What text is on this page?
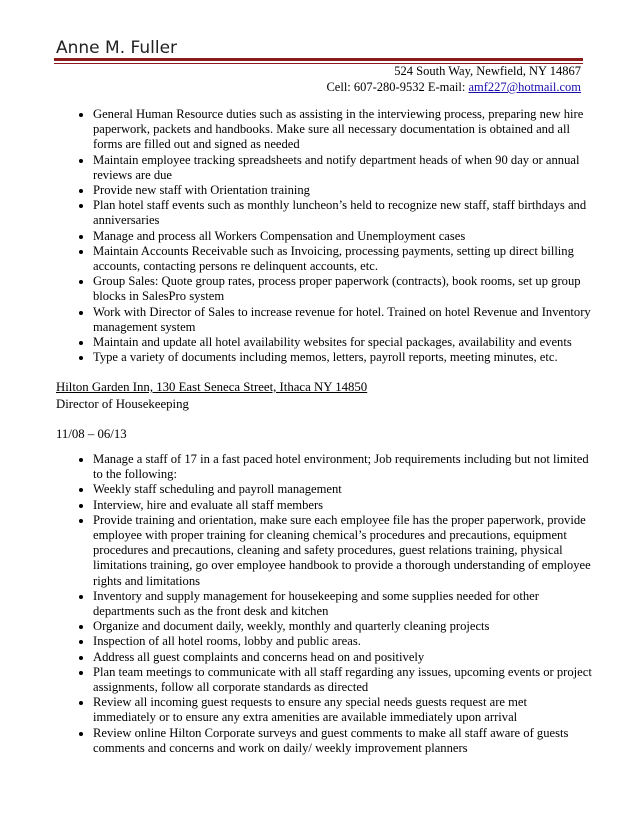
Anne M. Fuller
524 South Way, Newfield, NY 14867
Cell: 607-280-9532 E-mail: amf227@hotmail.com
• General Human Resource duties such as assisting in the interviewing process, preparing new hire paperwork, packets and handbooks. Make sure all necessary documentation is obtained and all forms are filled out and signed as needed
• Maintain employee tracking spreadsheets and notify department heads of when 90 day or annual reviews are due
• Provide new staff with Orientation training
• Plan hotel staff events such as monthly luncheon’s held to recognize new staff, staff birthdays and anniversaries
• Manage and process all Workers Compensation and Unemployment cases
• Maintain Accounts Receivable such as Invoicing, processing payments, setting up direct billing accounts, contacting persons re delinquent accounts, etc.
• Group Sales: Quote group rates, process proper paperwork (contracts), book rooms, set up group blocks in SalesPro system
• Work with Director of Sales to increase revenue for hotel. Trained on hotel Revenue and Inventory management system
• Maintain and update all hotel availability websites for special packages, availability and events
• Type a variety of documents including memos, letters, payroll reports, meeting minutes, etc.
Hilton Garden Inn, 130 East Seneca Street, Ithaca NY 14850
Director of Housekeeping
11/08 – 06/13
• Manage a staff of 17 in a fast paced hotel environment; Job requirements including but not limited to the following:
• Weekly staff scheduling and payroll management
• Interview, hire and evaluate all staff members
• Provide training and orientation, make sure each employee file has the proper paperwork, provide employee with proper training for cleaning chemical’s procedures and precautions, equipment procedures and precautions, cleaning and safety procedures, guest relations training, physical limitations training, go over employee handbook to provide a thorough understanding of employee rights and limitations
• Inventory and supply management for housekeeping and some supplies needed for other departments such as the front desk and kitchen
• Organize and document daily, weekly, monthly and quarterly cleaning projects
• Inspection of all hotel rooms, lobby and public areas.
• Address all guest complaints and concerns head on and positively
• Plan team meetings to communicate with all staff regarding any issues, upcoming events or project assignments, follow all corporate standards as directed
• Review all incoming guest requests to ensure any special needs guests request are met immediately or to ensure any extra amenities are available immediately upon arrival
• Review online Hilton Corporate surveys and guest comments to make all staff aware of guests comments and concerns and work on daily/ weekly improvement planners
